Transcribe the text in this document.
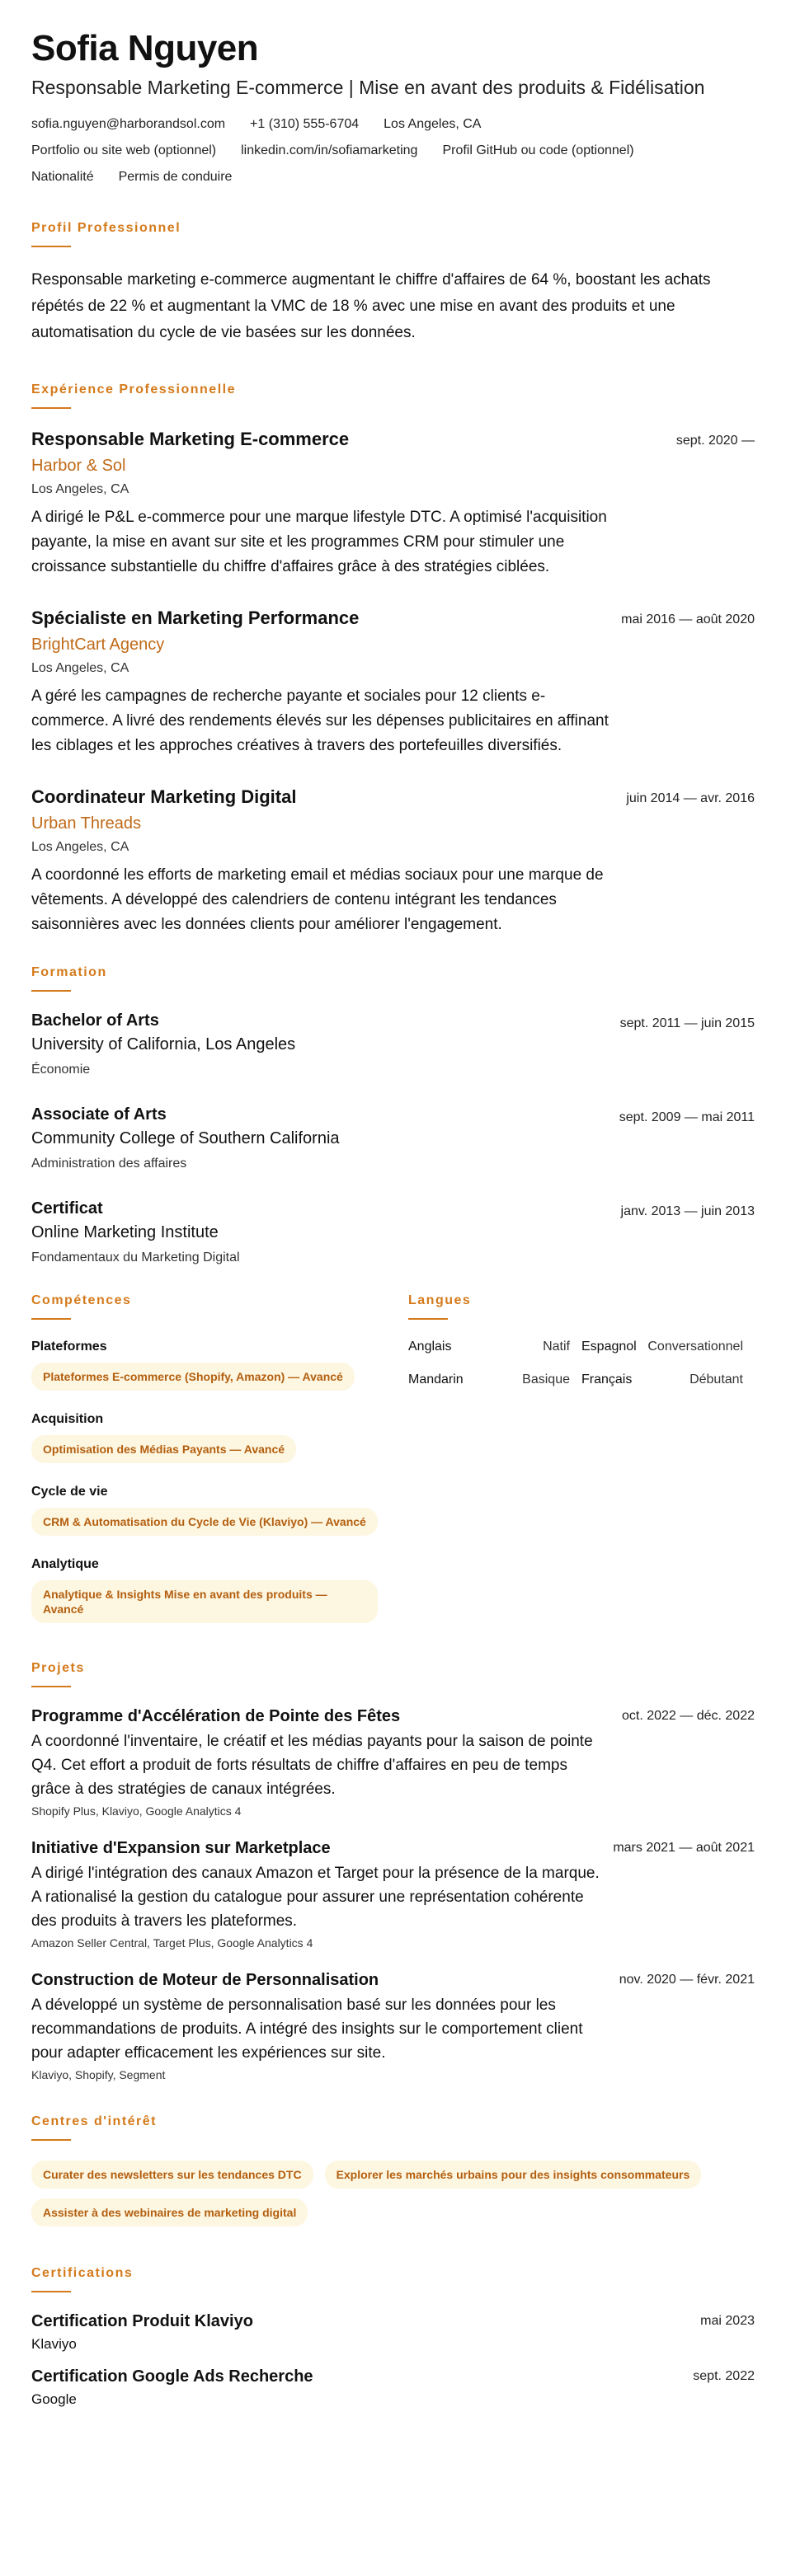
Sofia Nguyen
Responsable Marketing E-commerce | Mise en avant des produits & Fidélisation
sofia.nguyen@harborandsol.com +1 (310) 555-6704 Los Angeles, CA
Portfolio ou site web (optionnel) linkedin.com/in/sofiamarketing Profil GitHub ou code (optionnel)
Nationalité Permis de conduire
Profil Professionnel
Responsable marketing e-commerce augmentant le chiffre d'affaires de 64 %, boostant les achats répétés de 22 % et augmentant la VMC de 18 % avec une mise en avant des produits et une automatisation du cycle de vie basées sur les données.
Expérience Professionnelle
Responsable Marketing E-commerce
Harbor & Sol
Los Angeles, CA
A dirigé le P&L e-commerce pour une marque lifestyle DTC. A optimisé l'acquisition payante, la mise en avant sur site et les programmes CRM pour stimuler une croissance substantielle du chiffre d'affaires grâce à des stratégies ciblées.
sept. 2020 —
Spécialiste en Marketing Performance
BrightCart Agency
Los Angeles, CA
A géré les campagnes de recherche payante et sociales pour 12 clients e-commerce. A livré des rendements élevés sur les dépenses publicitaires en affinant les ciblages et les approches créatives à travers des portefeuilles diversifiés.
mai 2016 — août 2020
Coordinateur Marketing Digital
Urban Threads
Los Angeles, CA
A coordonné les efforts de marketing email et médias sociaux pour une marque de vêtements. A développé des calendriers de contenu intégrant les tendances saisonnières avec les données clients pour améliorer l'engagement.
juin 2014 — avr. 2016
Formation
Bachelor of Arts
University of California, Los Angeles
Économie
sept. 2011 — juin 2015
Associate of Arts
Community College of Southern California
Administration des affaires
sept. 2009 — mai 2011
Certificat
Online Marketing Institute
Fondamentaux du Marketing Digital
janv. 2013 — juin 2013
Compétences
Plateformes
Plateformes E-commerce (Shopify, Amazon) — Avancé
Acquisition
Optimisation des Médias Payants — Avancé
Cycle de vie
CRM & Automatisation du Cycle de Vie (Klaviyo) — Avancé
Analytique
Analytique & Insights Mise en avant des produits — Avancé
Langues
Anglais	Natif Espagnol Conversationnel
Mandarin	Basique Français	Débutant
Projets
Programme d'Accélération de Pointe des Fêtes
A coordonné l'inventaire, le créatif et les médias payants pour la saison de pointe Q4. Cet effort a produit de forts résultats de chiffre d'affaires en peu de temps grâce à des stratégies de canaux intégrées.
Shopify Plus, Klaviyo, Google Analytics 4
oct. 2022 — déc. 2022
Initiative d'Expansion sur Marketplace
A dirigé l'intégration des canaux Amazon et Target pour la présence de la marque. A rationalisé la gestion du catalogue pour assurer une représentation cohérente des produits à travers les plateformes.
Amazon Seller Central, Target Plus, Google Analytics 4
mars 2021 — août 2021
Construction de Moteur de Personnalisation
A développé un système de personnalisation basé sur les données pour les recommandations de produits. A intégré des insights sur le comportement client pour adapter efficacement les expériences sur site.
Klaviyo, Shopify, Segment
nov. 2020 — févr. 2021
Centres d'intérêt
Curater des newsletters sur les tendances DTC	Explorer les marchés urbains pour des insights consommateurs
Assister à des webinaires de marketing digital
Certifications
Certification Produit Klaviyo
Klaviyo
mai 2023
Certification Google Ads Recherche
Google
sept. 2022
